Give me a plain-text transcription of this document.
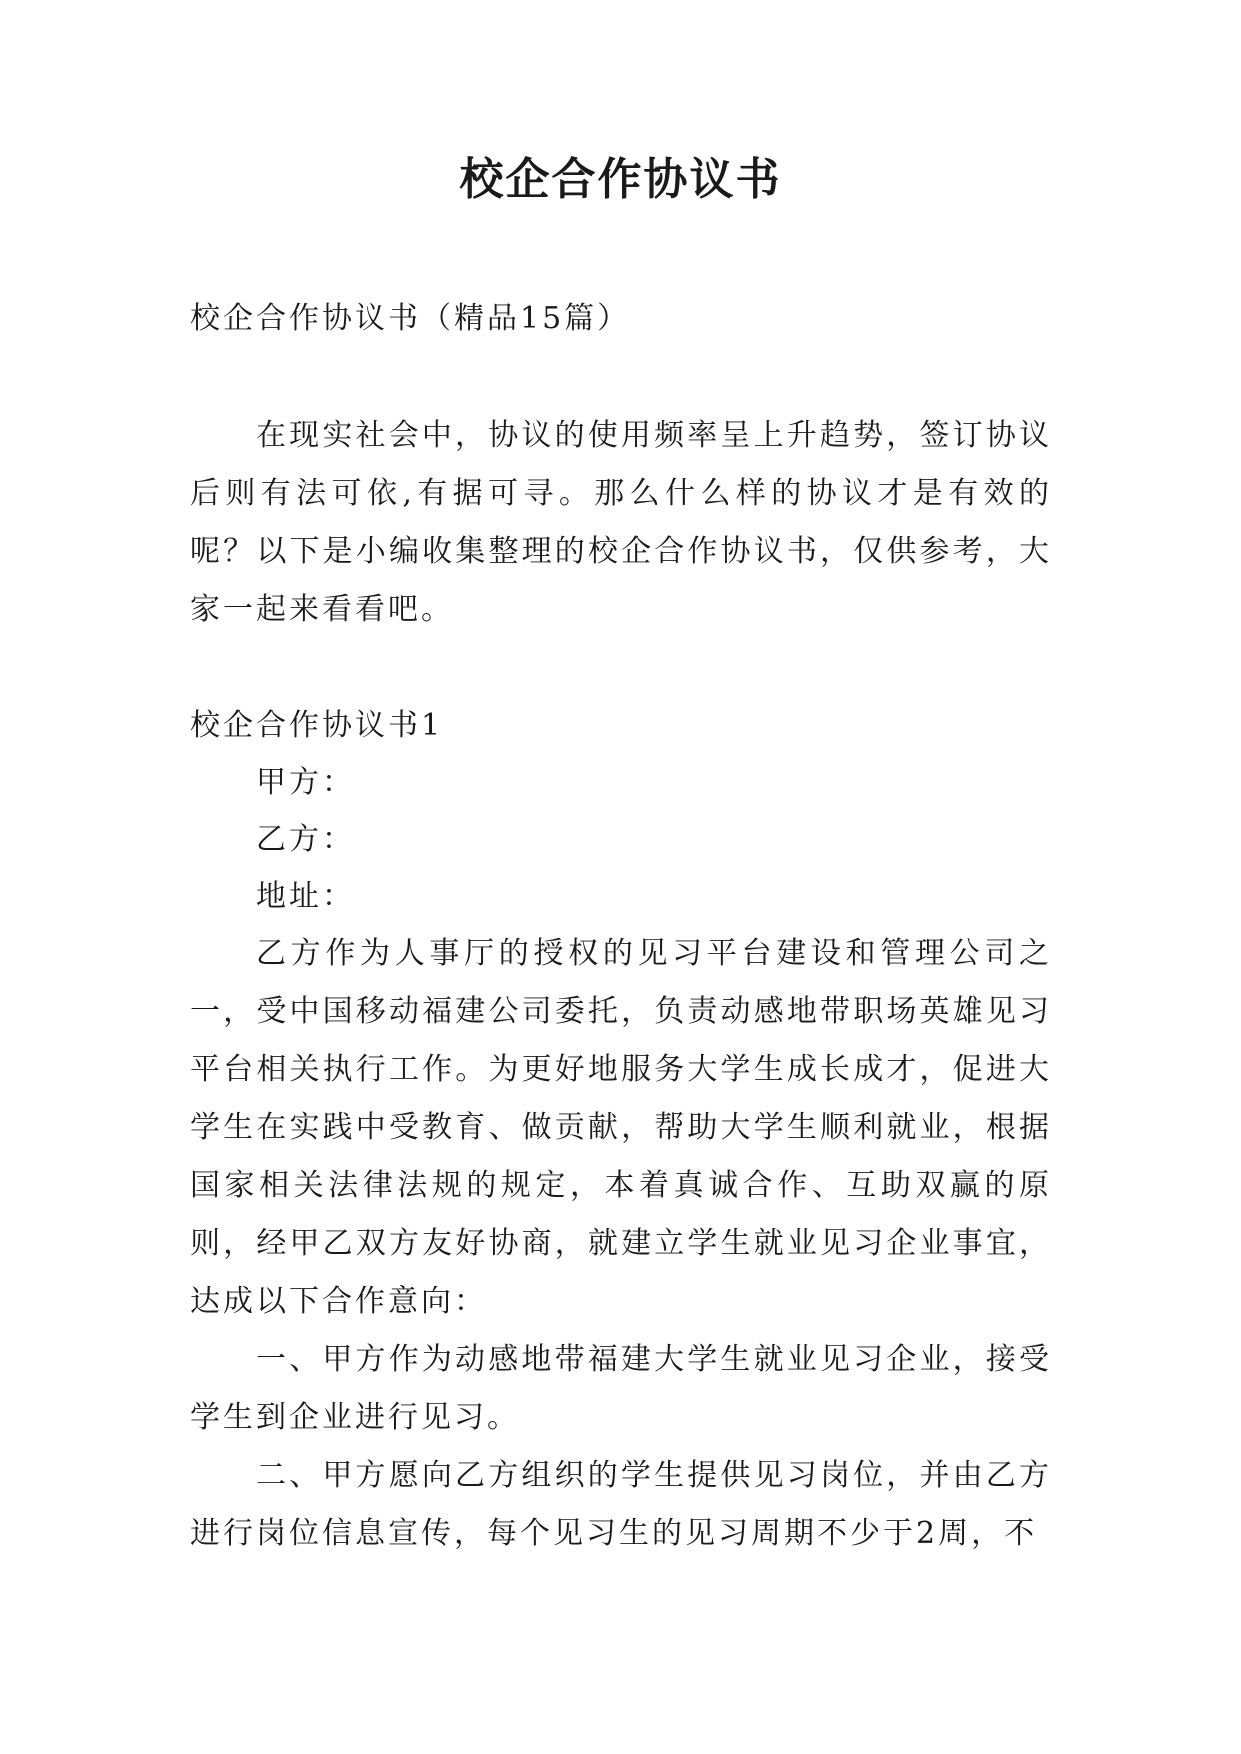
校企合作协议书

校企合作协议书（精品15篇）

在现实社会中，协议的使用频率呈上升趋势，签订协议后则有法可依,有据可寻。那么什么样的协议才是有效的呢？以下是小编收集整理的校企合作协议书，仅供参考，大家一起来看看吧。

校企合作协议书1

甲方：

乙方：

地址：

乙方作为人事厅的授权的见习平台建设和管理公司之一，受中国移动福建公司委托，负责动感地带职场英雄见习平台相关执行工作。为更好地服务大学生成长成才，促进大学生在实践中受教育、做贡献，帮助大学生顺利就业，根据国家相关法律法规的规定，本着真诚合作、互助双赢的原则，经甲乙双方友好协商，就建立学生就业见习企业事宜，达成以下合作意向：

一、甲方作为动感地带福建大学生就业见习企业，接受学生到企业进行见习。

二、甲方愿向乙方组织的学生提供见习岗位，并由乙方进行岗位信息宣传，每个见习生的见习周期不少于2周，不
